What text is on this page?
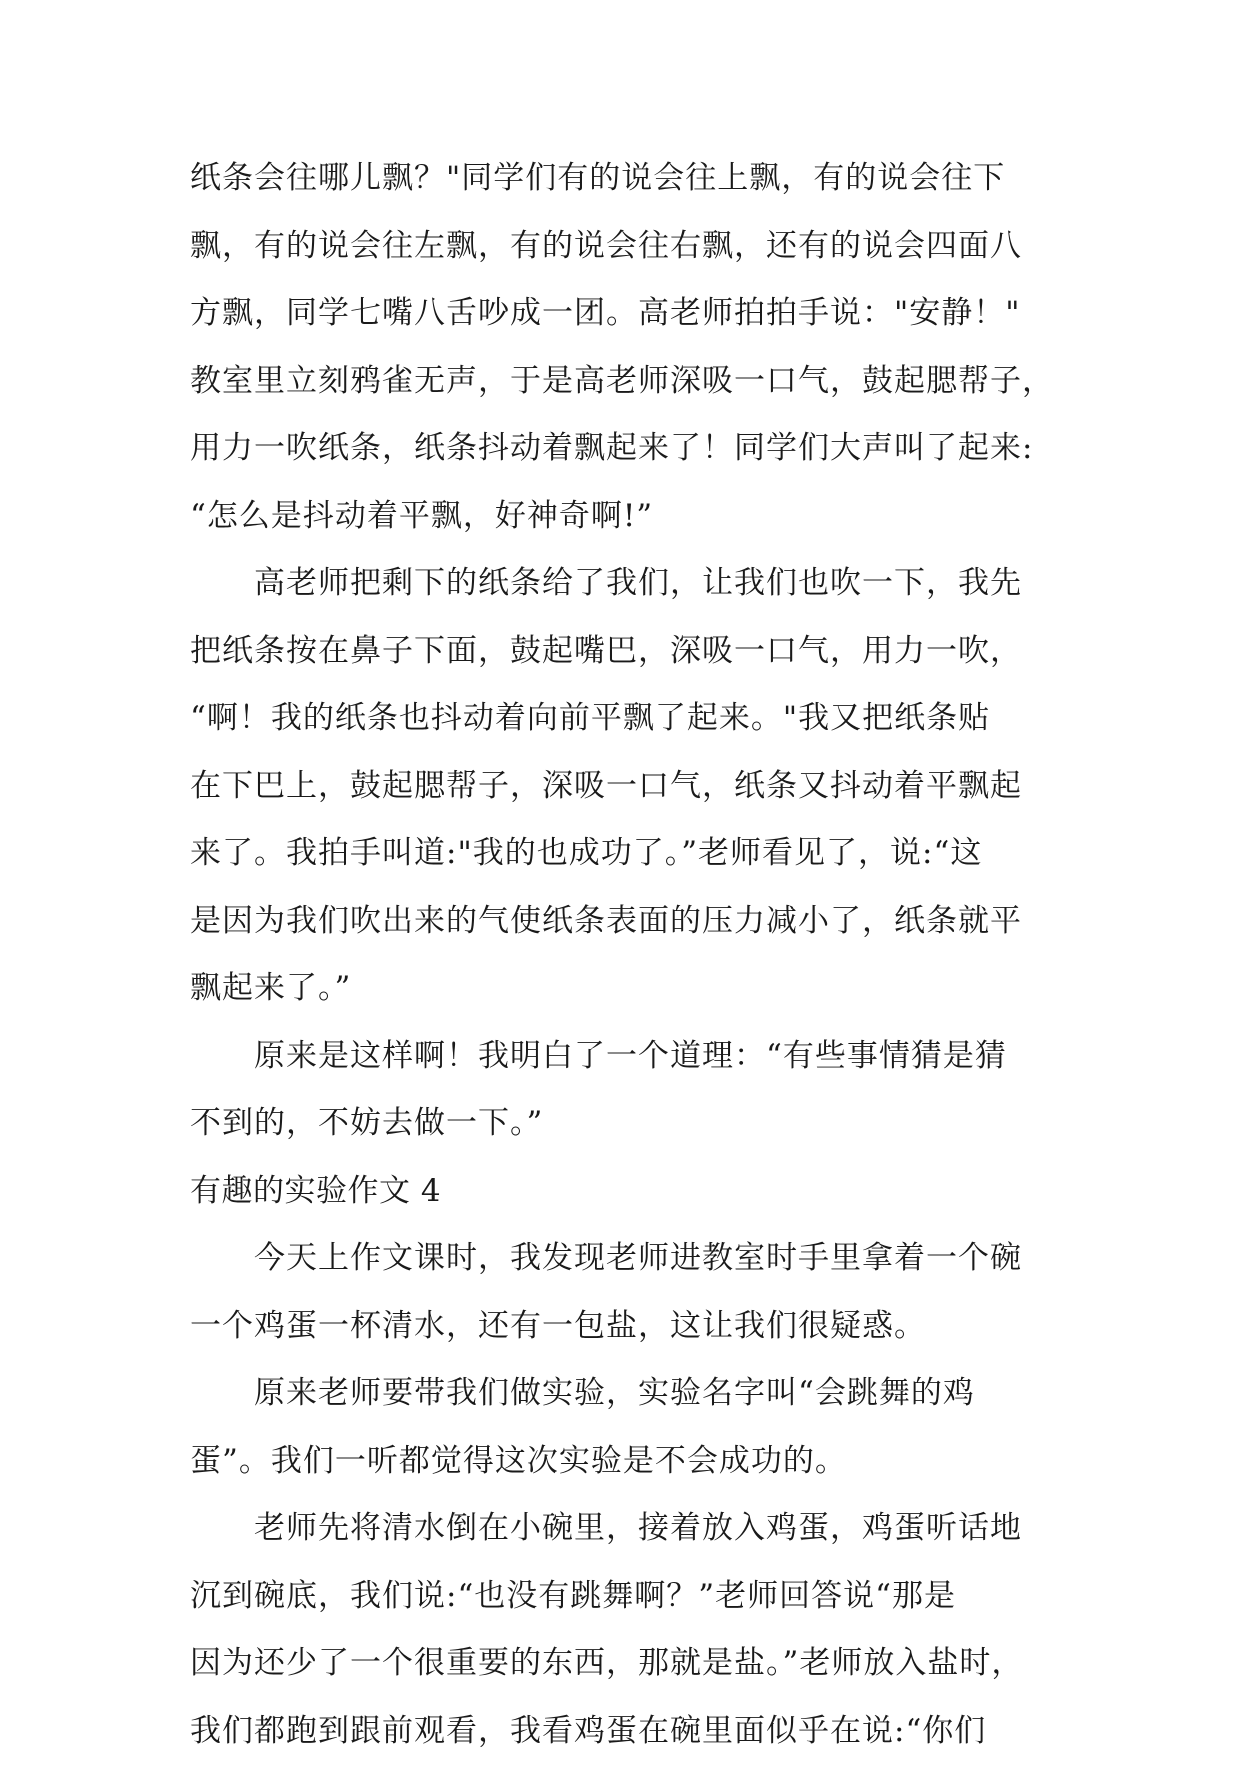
纸条会往哪儿飘？"同学们有的说会往上飘，有的说会往下
飘，有的说会往左飘，有的说会往右飘，还有的说会四面八
方飘，同学七嘴八舌吵成一团。高老师拍拍手说："安静！"
教室里立刻鸦雀无声，于是高老师深吸一口气，鼓起腮帮子，
用力一吹纸条，纸条抖动着飘起来了！同学们大声叫了起来:
“怎么是抖动着平飘，好神奇啊!”
高老师把剩下的纸条给了我们，让我们也吹一下，我先
把纸条按在鼻子下面，鼓起嘴巴，深吸一口气，用力一吹，
“啊！我的纸条也抖动着向前平飘了起来。"我又把纸条贴
在下巴上，鼓起腮帮子，深吸一口气，纸条又抖动着平飘起
来了。我拍手叫道:"我的也成功了。”老师看见了，说:“这
是因为我们吹出来的气使纸条表面的压力减小了，纸条就平
飘起来了。”
原来是这样啊！我明白了一个道理：“有些事情猜是猜
不到的，不妨去做一下。”
有趣的实验作文 4
今天上作文课时，我发现老师进教室时手里拿着一个碗
一个鸡蛋一杯清水，还有一包盐，这让我们很疑惑。
原来老师要带我们做实验，实验名字叫“会跳舞的鸡
蛋”。我们一听都觉得这次实验是不会成功的。
老师先将清水倒在小碗里，接着放入鸡蛋，鸡蛋听话地
沉到碗底，我们说:“也没有跳舞啊？”老师回答说“那是
因为还少了一个很重要的东西，那就是盐。”老师放入盐时，
我们都跑到跟前观看，我看鸡蛋在碗里面似乎在说:“你们
